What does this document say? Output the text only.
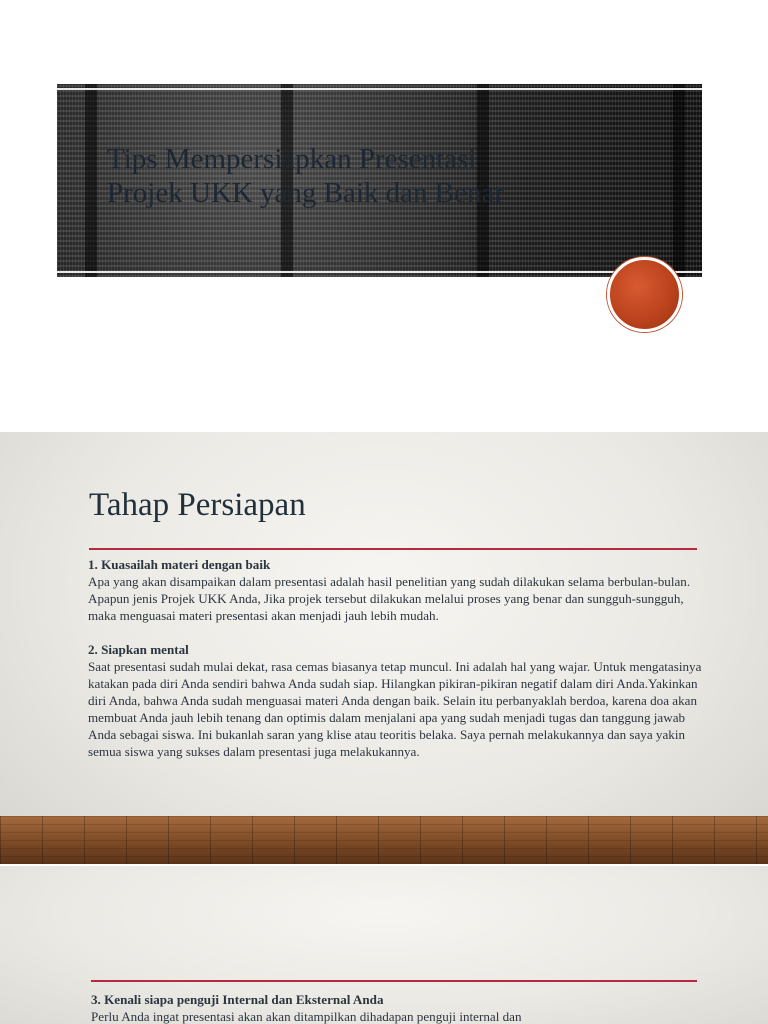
Tips Mempersiapkan Presentasi
Projek UKK yang Baik dan Benar
Tahap Persiapan

1. Kuasailah materi dengan baik

Apa yang akan disampaikan dalam presentasi adalah hasil penelitian yang sudah dilakukan selama berbulan-bulan. Apapun jenis Projek UKK Anda, Jika projek tersebut dilakukan melalui proses yang benar dan sungguh-sungguh, maka menguasai materi presentasi akan menjadi jauh lebih mudah.

2. Siapkan mental

Saat presentasi sudah mulai dekat, rasa cemas biasanya tetap muncul. Ini adalah hal yang wajar. Untuk mengatasinya katakan pada diri Anda sendiri bahwa Anda sudah siap. Hilangkan pikiran-pikiran negatif dalam diri Anda.Yakinkan diri Anda, bahwa Anda sudah menguasai materi Anda dengan baik. Selain itu perbanyaklah berdoa, karena doa akan membuat Anda jauh lebih tenang dan optimis dalam menjalani apa yang sudah menjadi tugas dan tanggung jawab Anda sebagai siswa. Ini bukanlah saran yang klise atau teoritis belaka. Saya pernah melakukannya dan saya yakin semua siswa yang sukses dalam presentasi juga melakukannya.

3. Kenali siapa penguji Internal dan Eksternal Anda

Perlu Anda ingat presentasi akan akan ditampilkan dihadapan penguji internal dan
